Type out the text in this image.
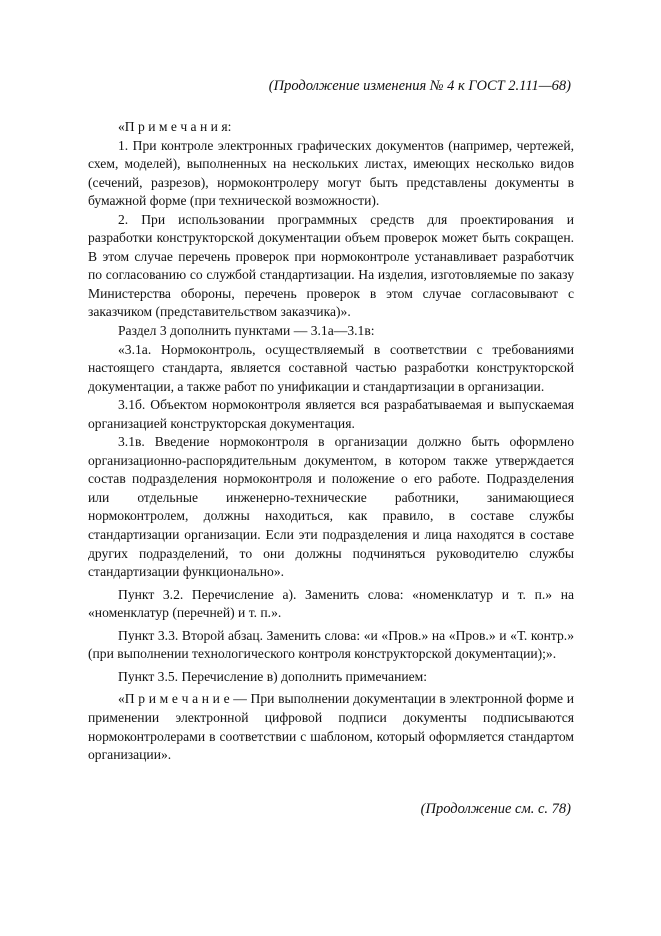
(Продолжение изменения № 4 к ГОСТ 2.111—68)

«П р и м е ч а н и я:

1. При контроле электронных графических документов (например, чертежей, схем, моделей), выполненных на нескольких листах, имеющих несколько видов (сечений, разрезов), нормоконтролеру могут быть представлены документы в бумажной форме (при технической возможности).

2. При использовании программных средств для проектирования и разработки конструкторской документации объем проверок может быть сокращен. В этом случае перечень проверок при нормоконтроле устанавливает разработчик по согласованию со службой стандартизации. На изделия, изготовляемые по заказу Министерства обороны, перечень проверок в этом случае согласовывают с заказчиком (представительством заказчика)».

Раздел 3 дополнить пунктами — 3.1а—3.1в:

«3.1а. Нормоконтроль, осуществляемый в соответствии с требованиями настоящего стандарта, является составной частью разработки конструкторской документации, а также работ по унификации и стандартизации в организации.

3.1б. Объектом нормоконтроля является вся разрабатываемая и выпускаемая организацией конструкторская документация.

3.1в. Введение нормоконтроля в организации должно быть оформлено организационно-распорядительным документом, в котором также утверждается состав подразделения нормоконтроля и положение о его работе. Подразделения или отдельные инженерно-технические работники, занимающиеся нормоконтролем, должны находиться, как правило, в составе службы стандартизации организации. Если эти подразделения и лица находятся в составе других подразделений, то они должны подчиняться руководителю службы стандартизации функционально».

Пункт 3.2. Перечисление а). Заменить слова: «номенклатур и т. п.» на «номенклатур (перечней) и т. п.».

Пункт 3.3. Второй абзац. Заменить слова: «и «Пров.» на «Пров.» и «Т. контр.» (при выполнении технологического контроля конструкторской документации);».

Пункт 3.5. Перечисление в) дополнить примечанием:

«П р и м е ч а н и е — При выполнении документации в электронной форме и применении электронной цифровой подписи документы подписываются нормоконтролерами в соответствии с шаблоном, который оформляется стандартом организации».

(Продолжение см. с. 78)
